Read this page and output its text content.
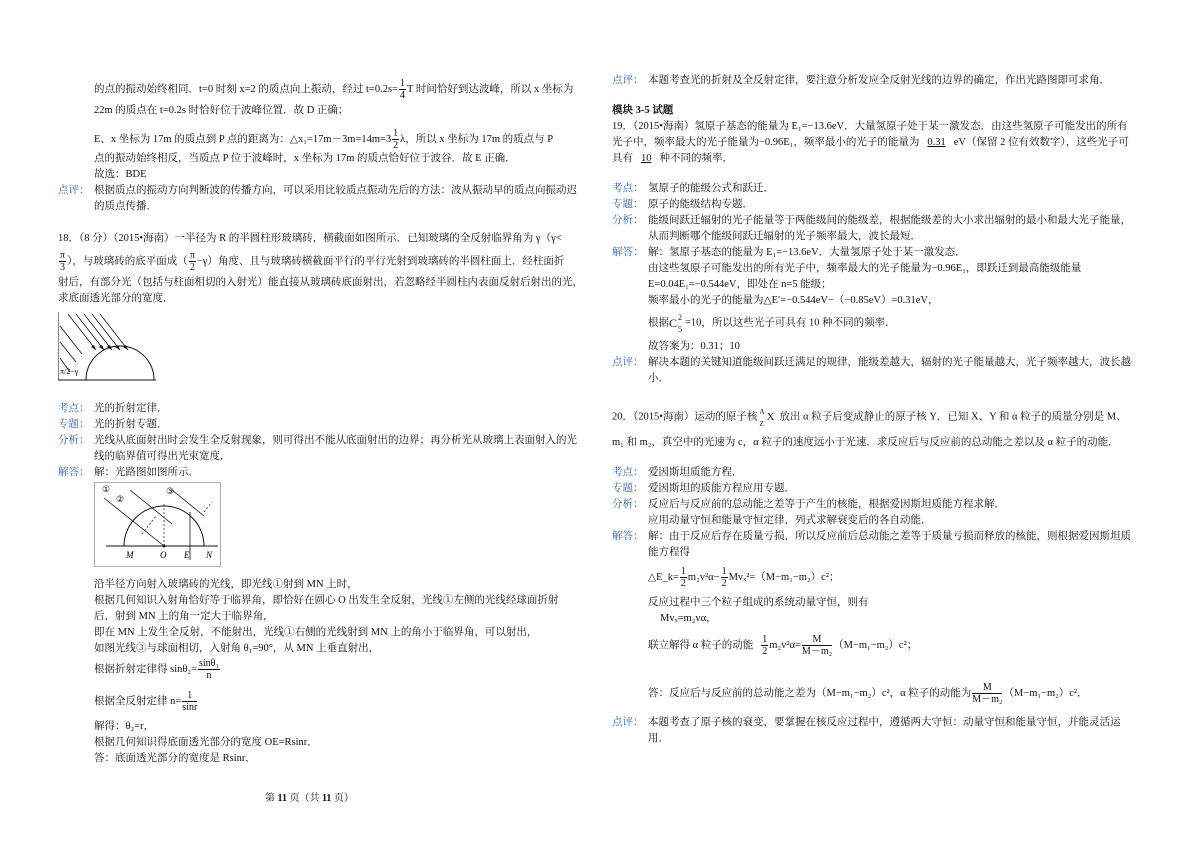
的点的振动始终相同．t=0 时刻 x=2 的质点向上振动，经过 $t=0.2s= \frac{1}{4}$ T 时间恰好到达波峰，所以 x 坐标为
22m 的质点在 t=0.2s 时恰好位于波峰位置．故 D 正确；
E、x 坐标为 17m 的质点到 P 点的距离为：△x₁=17m－3m=14m=3 $\frac{1}{2}$ λ，所以 x 坐标为 17m 的质点与 P
点的振动始终相反，当质点 P 位于波峰时，x 坐标为 17m 的质点恰好位于波谷．故 E 正确．
故选：BDE
点评： 根据质点的振动方向判断波的传播方向，可以采用比较质点振动先后的方法：波从振动早的质点向振动迟
的质点传播．
18．（8 分）（2015•海南）一半径为 R 的半圆柱形玻璃砖，横截面如图所示．已知玻璃的全反射临界角为 γ（γ<
$\frac{\pi}{3}$ ），与玻璃砖的底平面成（ $\frac{\pi}{2} -\gamma$）角度、且与玻璃砖横截面平行的平行光射到玻璃砖的半圆柱面上．经柱面折
射后，有部分光（包括与柱面相切的入射光）能直接从玻璃砖底面射出，若忽略经半圆柱内表面反射后射出的光，
求底面透光部分的宽度．
π/2−γ
考点： 光的折射定律．
专题： 光的折射专题．
分析： 光线从底面射出时会发生全反射现象，则可得出不能从底面射出的边界；再分析光从玻璃上表面射入的光
线的临界值可得出光束宽度．
解答： 解：光路图如图所示．
①
②
③
M	O E N
沿半径方向射入玻璃砖的光线，即光线①射到 MN 上时，
根据几何知识入射角恰好等于临界角，即恰好在圆心 O 出发生全反射，光线①左侧的光线经球面折射
后，射到 MN 上的角一定大于临界角，
即在 MN 上发生全反射，不能射出，光线①右侧的光线射到 MN 上的角小于临界角，可以射出，
如图光线③与球面相切，入射角 θ₁=90°，从 MN 上垂直射出，
根据折射定律得 $\sin\theta_2= \frac{\text{sinθ₁}}{n}$
根据全反射定律 $n= \frac{1}{\sin r}$
解得：θ₂=r，
根据几何知识得底面透光部分的宽度 OE=Rsinr．
答：底面透光部分的宽度是 Rsinr．
第 11 页（共 11 页）
点评： 本题考查光的折射及全反射定律，要注意分析发应全反射光线的边界的确定，作出光路图即可求角．
模块 3-5 试题
19．（2015•海南）氢原子基态的能量为 E₁=−13.6eV．大量氢原子处于某一激发态．由这些氢原子可能发出的所有
光子中，频率最大的光子能量为−0.96E₁，频率最小的光子的能量为 0.31 eV（保留 2 位有效数字），这些光子可
具有 10 种不同的频率．
考点： 氢原子的能级公式和跃迁．
专题： 原子的能级结构专题．
分析： 能级间跃迁辐射的光子能量等于两能级间的能级差，根据能级差的大小求出辐射的最小和最大光子能量，
从而判断哪个能级间跃迁辐射的光子频率最大，波长最短．
解答： 解：氢原子基态的能量为 E₁=−13.6eV．大量氢原子处于某一激发态．
由这些氢原子可能发出的所有光子中，频率最大的光子能量为−0.96E₁，即跃迁到最高能级能量
E=0.04E₁=−0.544eV，即处在 n=5 能级；
频率最小的光子的能量为△E′=−0.544eV−（−0.85eV）=0.31eV，
根据 C 2
5
=10，所以这些光子可具有 10 种不同的频率．
故答案为：0.31；10
点评： 解决本题的关键知道能级间跃迁满足的规律，能级差越大，辐射的光子能量越大，光子频率越大，波长越
小．
20．（2015•海南）运动的原子核 A
Z
X 放出 α 粒子后变成静止的原子核 Y．已知 X、Y 和 α 粒子的质量分别是 M、
m₁ 和 m₂，真空中的光速为 c，α 粒子的速度远小于光速．求反应后与反应前的总动能之差以及 α 粒子的动能．
考点： 爱因斯坦质能方程．
专题： 爱因斯坦的质能方程应用专题．
分析： 反应后与反应前的总动能之差等于产生的核能，根据爱因斯坦质能方程求解．
应用动量守恒和能量守恒定律，列式求解衰变后的各自动能．
解答： 解：由于反应后存在质量亏损，所以反应前后总动能之差等于质量亏损而释放的核能，则根据爱因斯坦质
能方程得
△E_k= $\frac{1}{2} m_2v^2\alpha- \frac{1}{2} Mv_x^2=(M-m_1-m_2)c^2$；
反应过程中三个粒子组成的系统动量守恒，则有
Mvₓ=m₂vα，
联立解得 α 粒子的动能 $\frac{1}{2} m_2v^2\alpha= \frac{M}{\text{M－m₂}} (M-m_1-m_2)c^2$；
答：反应后与反应前的总动能之差为（M−m₁−m₂）c²，α 粒子的动能为 $\frac{M}{\text{M－m₂}} (M-m_1-m_2)c^2$．
点评： 本题考查了原子核的衰变，要掌握在核反应过程中，遵循两大守恒：动量守恒和能量守恒，并能灵活运
用．
